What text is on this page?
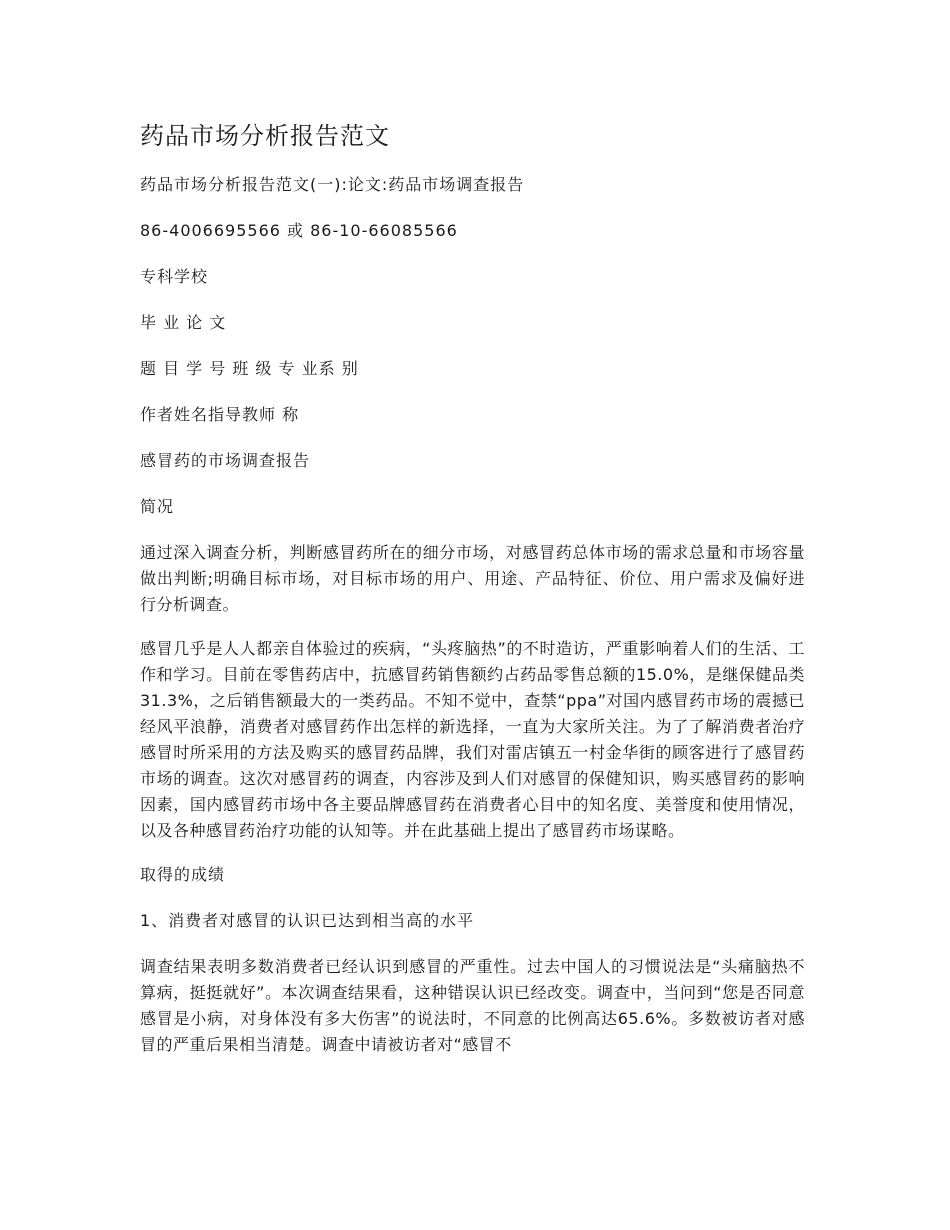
药品市场分析报告范文

药品市场分析报告范文(一):论文:药品市场调查报告

86-4006695566 或 86-10-66085566

专科学校

毕 业 论 文

题 目 学 号 班 级 专 业系 别

作者姓名指导教师 称

感冒药的市场调查报告

简况

通过深入调查分析，判断感冒药所在的细分市场，对感冒药总体市场的需求总量和市场容量做出判断;明确目标市场，对目标市场的用户、用途、产品特征、价位、用户需求及偏好进行分析调查。

感冒几乎是人人都亲自体验过的疾病，“头疼脑热”的不时造访，严重影响着人们的生活、工作和学习。目前在零售药店中，抗感冒药销售额约占药品零售总额的15.0%，是继保健品类31.3%，之后销售额最大的一类药品。不知不觉中，查禁“ppa”对国内感冒药市场的震撼已经风平浪静，消费者对感冒药作出怎样的新选择，一直为大家所关注。为了了解消费者治疗感冒时所采用的方法及购买的感冒药品牌，我们对雷店镇五一村金华街的顾客进行了感冒药市场的调查。这次对感冒药的调查，内容涉及到人们对感冒的保健知识，购买感冒药的影响因素，国内感冒药市场中各主要品牌感冒药在消费者心目中的知名度、美誉度和使用情况，以及各种感冒药治疗功能的认知等。并在此基础上提出了感冒药市场谋略。

取得的成绩

1、消费者对感冒的认识已达到相当高的水平

调查结果表明多数消费者已经认识到感冒的严重性。过去中国人的习惯说法是“头痛脑热不算病，挺挺就好”。本次调查结果看，这种错误认识已经改变。调查中，当问到“您是否同意感冒是小病，对身体没有多大伤害”的说法时，不同意的比例高达65.6%。多数被访者对感冒的严重后果相当清楚。调查中请被访者对“感冒不
